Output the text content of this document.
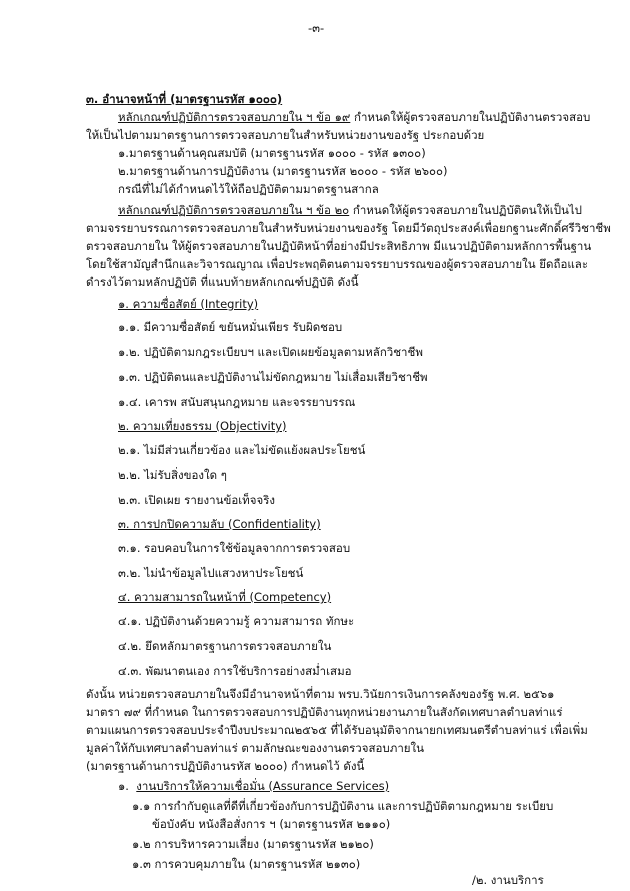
-๓-
๓. อำนาจหน้าที่ (มาตรฐานรหัส ๑๐๐๐)
หลักเกณฑ์ปฏิบัติการตรวจสอบภายใน ฯ ข้อ ๑๙ กำหนดให้ผู้ตรวจสอบภายในปฏิบัติงานตรวจสอบ
ให้เป็นไปตามมาตรฐานการตรวจสอบภายในสำหรับหน่วยงานของรัฐ ประกอบด้วย
๑.มาตรฐานด้านคุณสมบัติ (มาตรฐานรหัส ๑๐๐๐ - รหัส ๑๓๐๐)
๒.มาตรฐานด้านการปฏิบัติงาน (มาตรฐานรหัส ๒๐๐๐ - รหัส ๒๖๐๐)
กรณีที่ไม่ได้กำหนดไว้ให้ถือปฏิบัติตามมาตรฐานสากล
หลักเกณฑ์ปฏิบัติการตรวจสอบภายใน ฯ ข้อ ๒๐ กำหนดให้ผู้ตรวจสอบภายในปฏิบัติตนให้เป็นไป
ตามจรรยาบรรณการตรวจสอบภายในสำหรับหน่วยงานของรัฐ โดยมีวัตถุประสงค์เพื่อยกฐานะศักดิ์ศรีวิชาชีพ
ตรวจสอบภายใน ให้ผู้ตรวจสอบภายในปฏิบัติหน้าที่อย่างมีประสิทธิภาพ มีแนวปฏิบัติตามหลักการพื้นฐาน
โดยใช้สามัญสำนึกและวิจารณญาณ เพื่อประพฤติตนตามจรรยาบรรณของผู้ตรวจสอบภายใน ยึดถือและ
ดำรงไว้ตามหลักปฏิบัติ ที่แนบท้ายหลักเกณฑ์ปฏิบัติ ดังนี้
๑. ความซื่อสัตย์ (Integrity)
๑.๑. มีความซื่อสัตย์ ขยันหมั่นเพียร รับผิดชอบ
๑.๒. ปฏิบัติตามกฎระเบียบฯ และเปิดเผยข้อมูลตามหลักวิชาชีพ
๑.๓. ปฏิบัติตนและปฏิบัติงานไม่ขัดกฎหมาย ไม่เสื่อมเสียวิชาชีพ
๑.๔. เคารพ สนับสนุนกฎหมาย และจรรยาบรรณ
๒. ความเที่ยงธรรม (Objectivity)
๒.๑. ไม่มีส่วนเกี่ยวข้อง และไม่ขัดแย้งผลประโยชน์
๒.๒. ไม่รับสิ่งของใด ๆ
๒.๓. เปิดเผย รายงานข้อเท็จจริง
๓. การปกปิดความลับ (Confidentiality)
๓.๑. รอบคอบในการใช้ข้อมูลจากการตรวจสอบ
๓.๒. ไม่นำข้อมูลไปแสวงหาประโยชน์
๔. ความสามารถในหน้าที่ (Competency)
๔.๑. ปฏิบัติงานด้วยความรู้ ความสามารถ ทักษะ
๔.๒. ยึดหลักมาตรฐานการตรวจสอบภายใน
๔.๓. พัฒนาตนเอง การใช้บริการอย่างสม่ำเสมอ
ดังนั้น หน่วยตรวจสอบภายในจึงมีอำนาจหน้าที่ตาม พรบ.วินัยการเงินการคลังของรัฐ พ.ศ. ๒๕๖๑
มาตรา ๗๙ ที่กำหนด ในการตรวจสอบการปฏิบัติงานทุกหน่วยงานภายในสังกัดเทศบาลตำบลท่าแร่
ตามแผนการตรวจสอบประจำปีงบประมาณ๒๕๖๕ ที่ได้รับอนุมัติจากนายกเทศมนตรีตำบลท่าแร่ เพื่อเพิ่ม
มูลค่าให้กับเทศบาลตำบลท่าแร่ ตามลักษณะของงานตรวจสอบภายใน
(มาตรฐานด้านการปฏิบัติงานรหัส ๒๐๐๐) กำหนดไว้ ดังนี้
๑. งานบริการให้ความเชื่อมั่น (Assurance Services)
๑.๑ การกำกับดูแลที่ดีที่เกี่ยวข้องกับการปฏิบัติงาน และการปฏิบัติตามกฎหมาย ระเบียบ
ข้อบังคับ หนังสือสั่งการ ฯ (มาตรฐานรหัส ๒๑๑๐)
๑.๒ การบริหารความเสี่ยง (มาตรฐานรหัส ๒๑๒๐)
๑.๓ การควบคุมภายใน (มาตรฐานรหัส ๒๑๓๐)
/๒. งานบริการ
